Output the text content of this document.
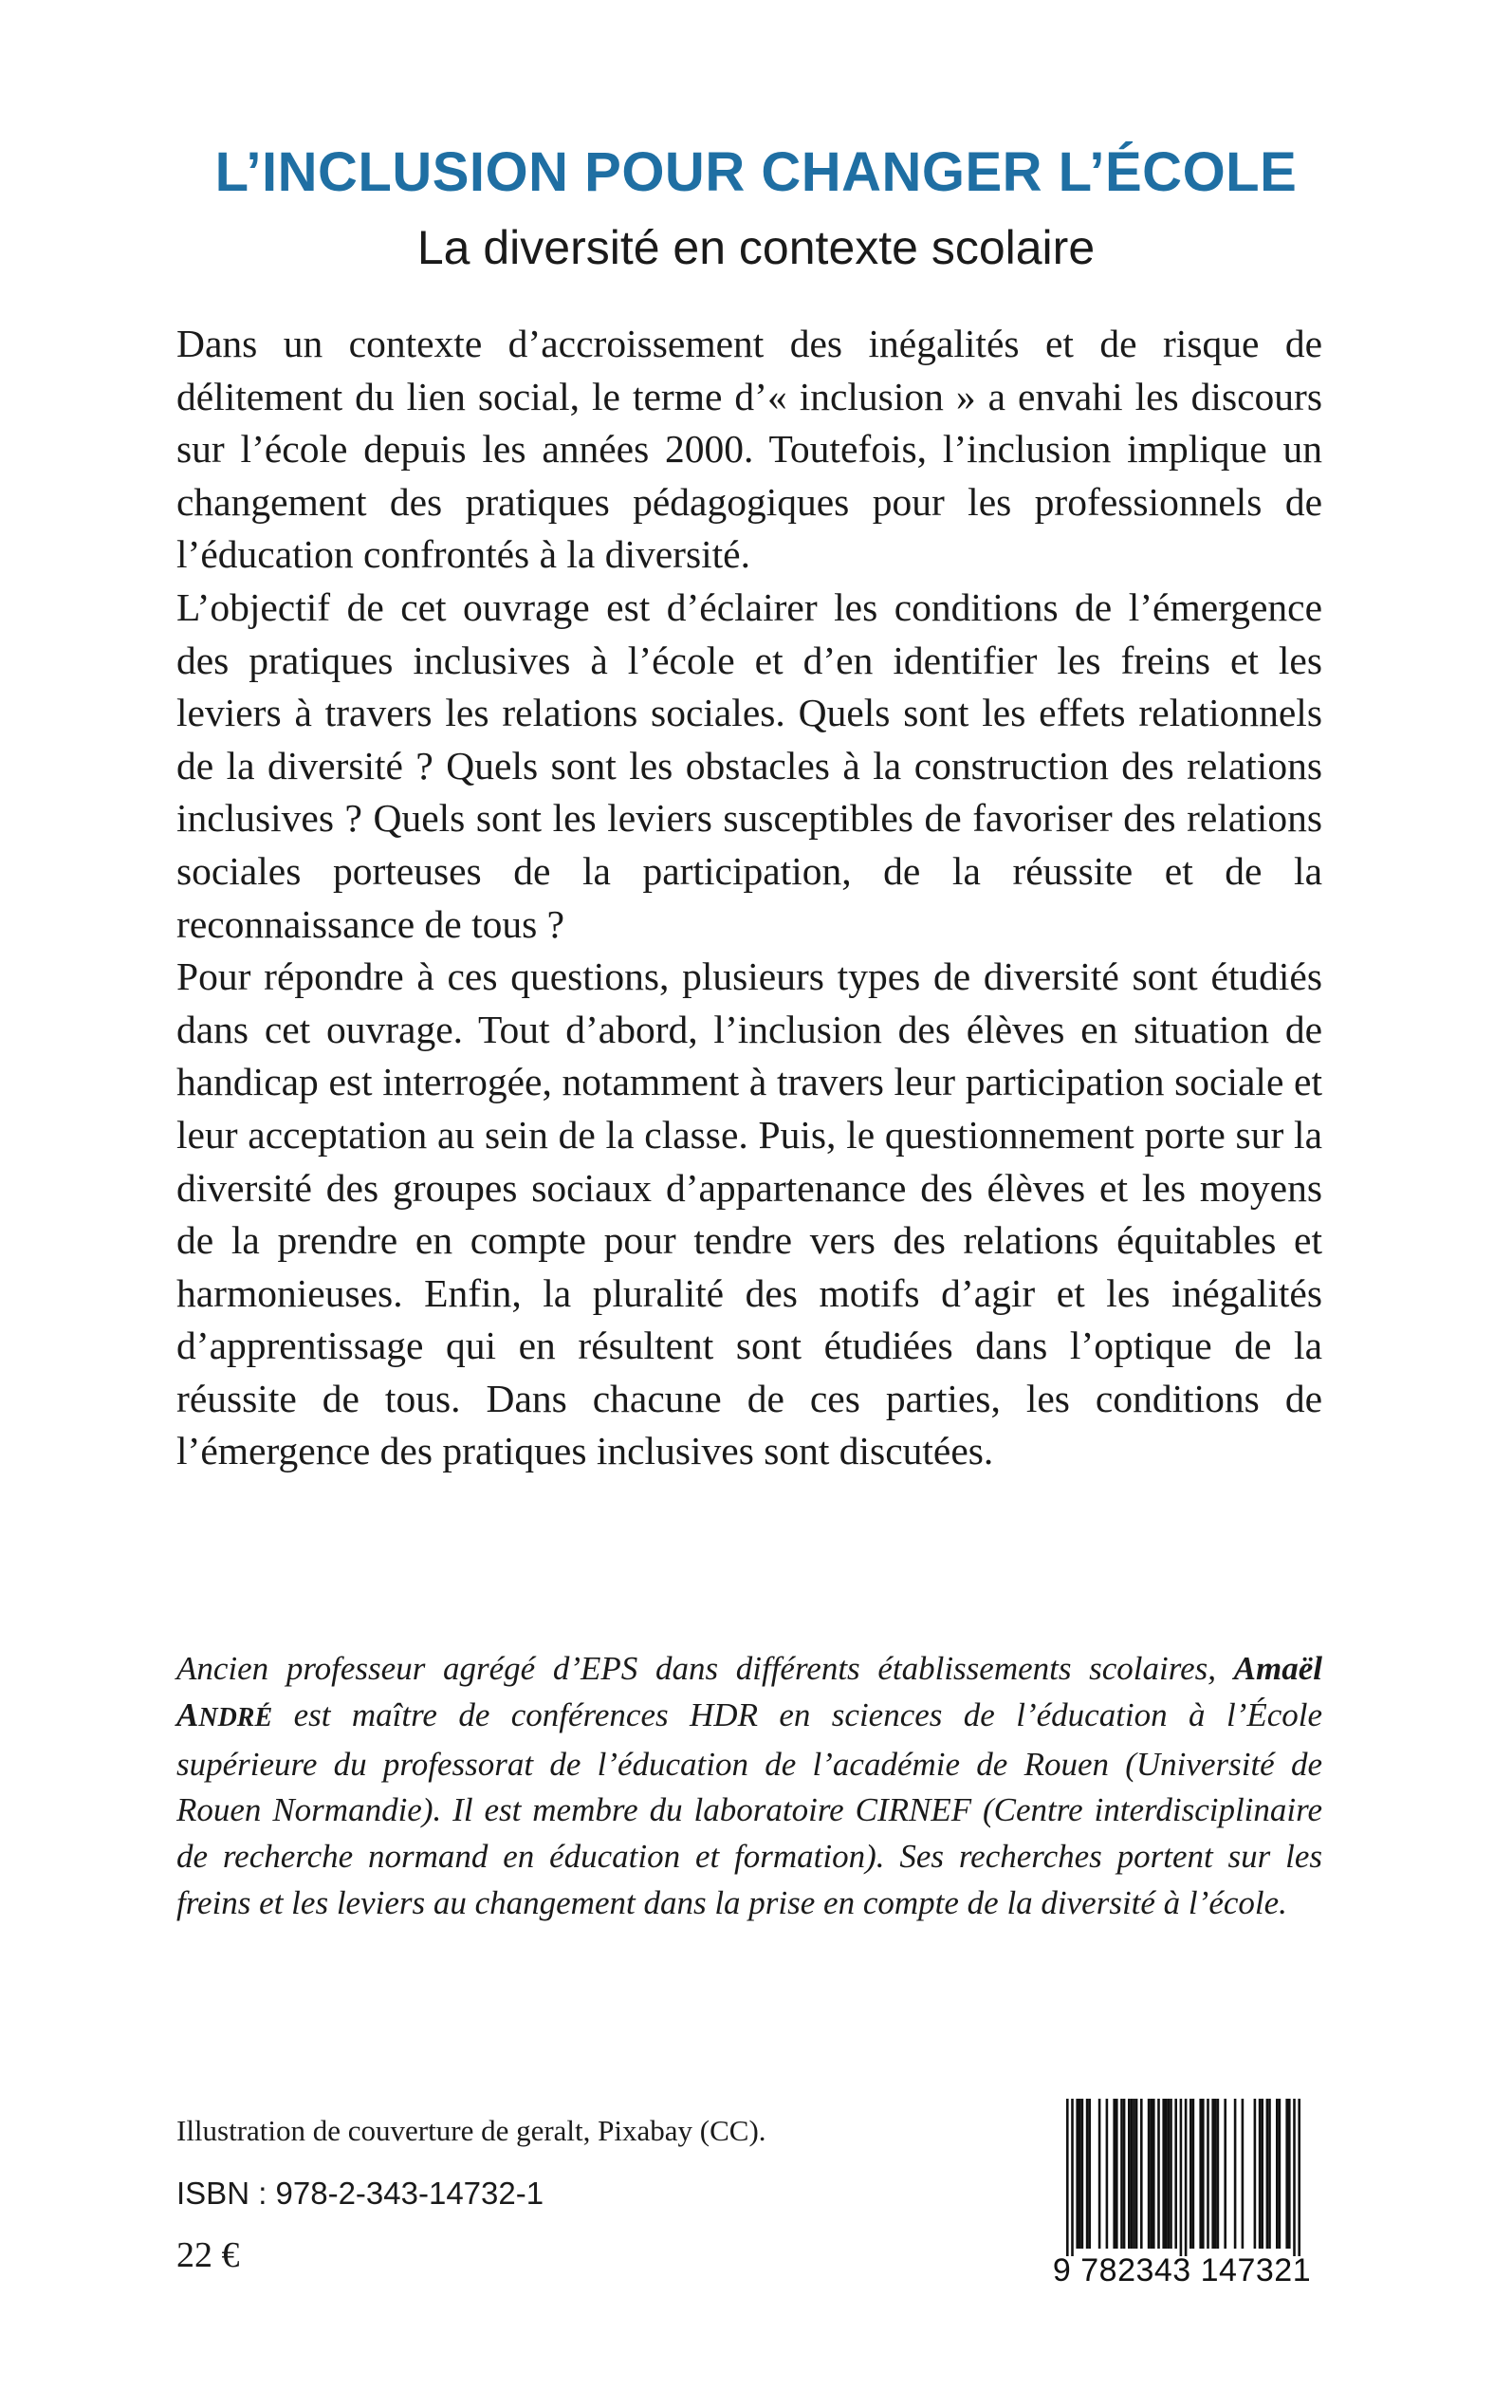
L’INCLUSION POUR CHANGER L’ÉCOLE
La diversité en contexte scolaire

Dans un contexte d’accroissement des inégalités et de risque de délitement du lien social, le terme d’« inclusion » a envahi les discours sur l’école depuis les années 2000. Toutefois, l’inclusion implique un changement des pratiques pédagogiques pour les professionnels de l’éducation confrontés à la diversité.

L’objectif de cet ouvrage est d’éclairer les conditions de l’émergence des pratiques inclusives à l’école et d’en identifier les freins et les leviers à travers les relations sociales. Quels sont les effets relationnels de la diversité ? Quels sont les obstacles à la construction des relations inclusives ? Quels sont les leviers susceptibles de favoriser des relations sociales porteuses de la participation, de la réussite et de la reconnaissance de tous ?

Pour répondre à ces questions, plusieurs types de diversité sont étudiés dans cet ouvrage. Tout d’abord, l’inclusion des élèves en situation de handicap est interrogée, notamment à travers leur participation sociale et leur acceptation au sein de la classe. Puis, le questionnement porte sur la diversité des groupes sociaux d’appartenance des élèves et les moyens de la prendre en compte pour tendre vers des relations équitables et harmonieuses. Enfin, la pluralité des motifs d’agir et les inégalités d’apprentissage qui en résultent sont étudiées dans l’optique de la réussite de tous. Dans chacune de ces parties, les conditions de l’émergence des pratiques inclusives sont discutées.

Ancien professeur agrégé d’EPS dans différents établissements scolaires, Amaël ANDRÉ est maître de conférences HDR en sciences de l’éducation à l’École supérieure du professorat de l’éducation de l’académie de Rouen (Université de Rouen Normandie). Il est membre du laboratoire CIRNEF (Centre interdisciplinaire de recherche normand en éducation et formation). Ses recherches portent sur les freins et les leviers au changement dans la prise en compte de la diversité à l’école.
Illustration de couverture de geralt, Pixabay (CC).
ISBN : 978-2-343-14732-1
22 €	9 782343 147321
